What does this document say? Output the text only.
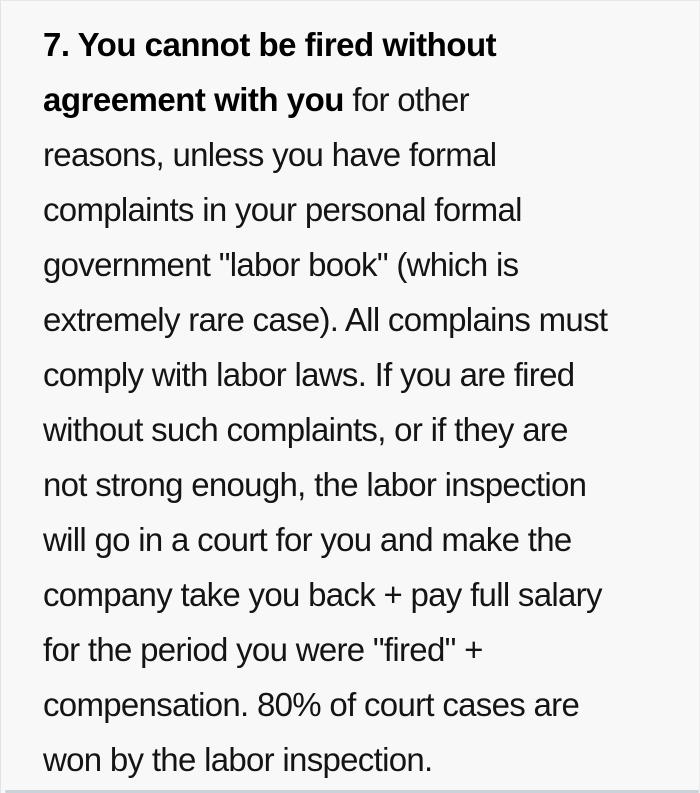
7. You cannot be fired without
agreement with you for other
reasons, unless you have formal
complaints in your personal formal
government "labor book" (which is
extremely rare case). All complains must
comply with labor laws. If you are fired
without such complaints, or if they are
not strong enough, the labor inspection
will go in a court for you and make the
company take you back + pay full salary
for the period you were "fired" +
compensation. 80% of court cases are
won by the labor inspection.
